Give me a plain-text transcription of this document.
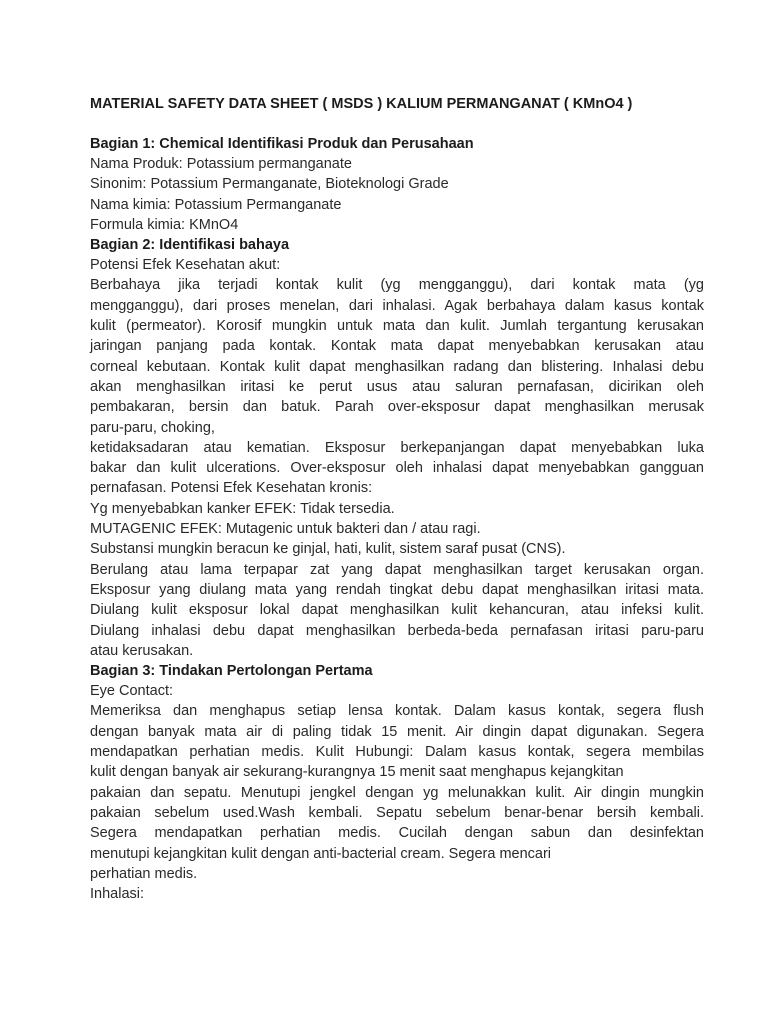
MATERIAL SAFETY DATA SHEET ( MSDS ) KALIUM PERMANGANAT ( KMnO4 )
Bagian 1: Chemical Identifikasi Produk dan Perusahaan
Nama Produk: Potassium permanganate
Sinonim: Potassium Permanganate, Bioteknologi Grade
Nama kimia: Potassium Permanganate
Formula kimia: KMnO4
Bagian 2: Identifikasi bahaya
Potensi Efek Kesehatan akut:
Berbahaya jika terjadi kontak kulit (yg mengganggu), dari kontak mata (yg
mengganggu), dari proses menelan, dari inhalasi. Agak berbahaya dalam kasus kontak
kulit (permeator). Korosif mungkin untuk mata dan kulit. Jumlah tergantung kerusakan
jaringan panjang pada kontak. Kontak mata dapat menyebabkan kerusakan atau
corneal kebutaan. Kontak kulit dapat menghasilkan radang dan blistering. Inhalasi debu
akan menghasilkan iritasi ke perut usus atau saluran pernafasan, dicirikan oleh
pembakaran, bersin dan batuk. Parah over-eksposur dapat menghasilkan merusak
paru-paru, choking,
ketidaksadaran atau kematian. Eksposur berkepanjangan dapat menyebabkan luka
bakar dan kulit ulcerations. Over-eksposur oleh inhalasi dapat menyebabkan gangguan
pernafasan. Potensi Efek Kesehatan kronis:
Yg menyebabkan kanker EFEK: Tidak tersedia.
MUTAGENIC EFEK: Mutagenic untuk bakteri dan / atau ragi.
Substansi mungkin beracun ke ginjal, hati, kulit, sistem saraf pusat (CNS).
Berulang atau lama terpapar zat yang dapat menghasilkan target kerusakan organ.
Eksposur yang diulang mata yang rendah tingkat debu dapat menghasilkan iritasi mata.
Diulang kulit eksposur lokal dapat menghasilkan kulit kehancuran, atau infeksi kulit.
Diulang inhalasi debu dapat menghasilkan berbeda-beda pernafasan iritasi paru-paru
atau kerusakan.
Bagian 3: Tindakan Pertolongan Pertama
Eye Contact:
Memeriksa dan menghapus setiap lensa kontak. Dalam kasus kontak, segera flush
dengan banyak mata air di paling tidak 15 menit. Air dingin dapat digunakan. Segera
mendapatkan perhatian medis. Kulit Hubungi: Dalam kasus kontak, segera membilas
kulit dengan banyak air sekurang-kurangnya 15 menit saat menghapus kejangkitan
pakaian dan sepatu. Menutupi jengkel dengan yg melunakkan kulit. Air dingin mungkin
pakaian sebelum used.Wash kembali. Sepatu sebelum benar-benar bersih kembali.
Segera mendapatkan perhatian medis. Cucilah dengan sabun dan desinfektan
menutupi kejangkitan kulit dengan anti-bacterial cream. Segera mencari
perhatian medis.
Inhalasi:
